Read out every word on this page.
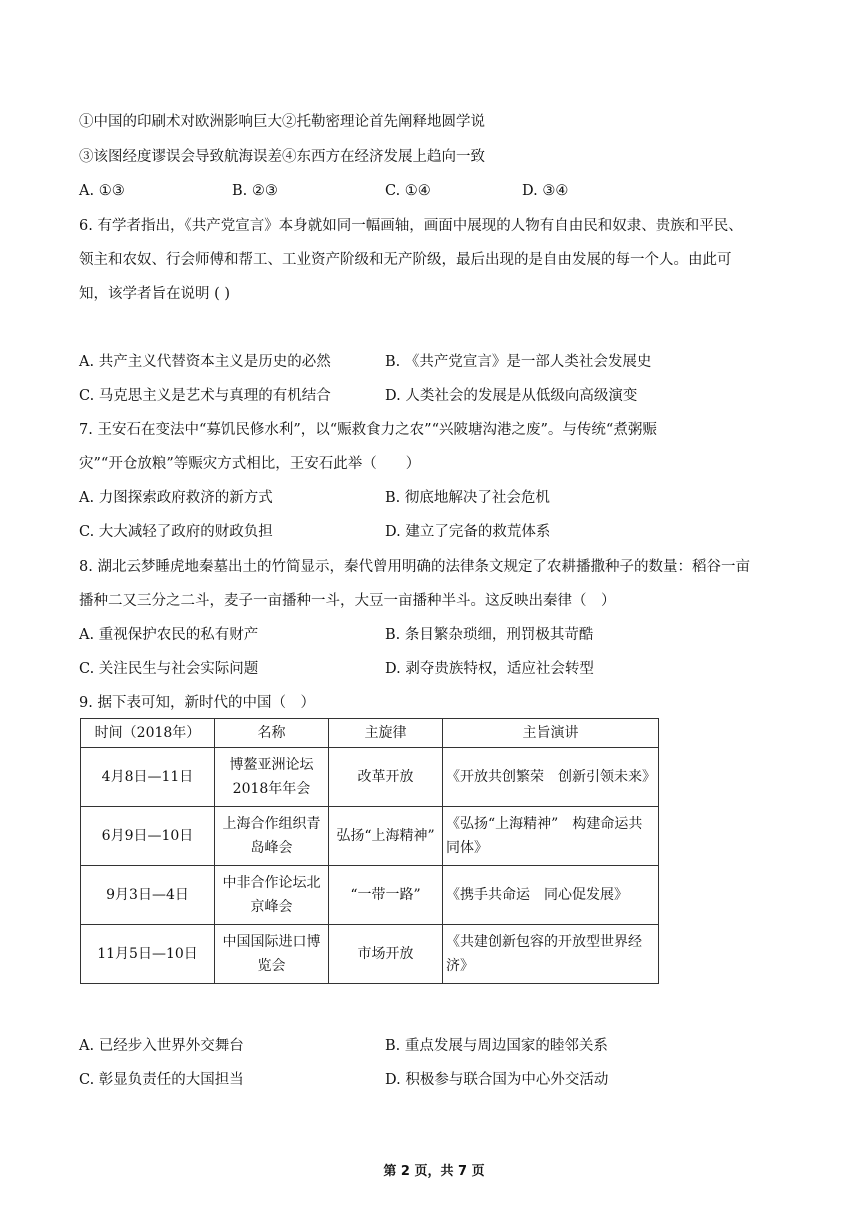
①中国的印刷术对欧洲影响巨大②托勒密理论首先阐释地圆学说
③该图经度谬误会导致航海误差④东西方在经济发展上趋向一致
A. ①③	B. ②③	C. ①④	D. ③④
6. 有学者指出，《共产党宣言》本身就如同一幅画轴，画面中展现的人物有自由民和奴隶、贵族和平民、
领主和农奴、行会师傅和帮工、工业资产阶级和无产阶级，最后出现的是自由发展的每一个人。由此可
知，该学者旨在说明 ( )
A. 共产主义代替资本主义是历史的必然	B. 《共产党宣言》是一部人类社会发展史
C. 马克思主义是艺术与真理的有机结合	D. 人类社会的发展是从低级向高级演变
7. 王安石在变法中“募饥民修水利”，以“赈救食力之农”“兴陂塘沟港之废”。与传统“煮粥赈
灾”“开仓放粮”等赈灾方式相比，王安石此举（　　）
A. 力图探索政府救济的新方式	B. 彻底地解决了社会危机
C. 大大减轻了政府的财政负担	D. 建立了完备的救荒体系
8. 湖北云梦睡虎地秦墓出土的竹简显示，秦代曾用明确的法律条文规定了农耕播撒种子的数量：稻谷一亩
播种二又三分之二斗，麦子一亩播种一斗，大豆一亩播种半斗。这反映出秦律（　）
A. 重视保护农民的私有财产	B. 条目繁杂琐细，刑罚极其苛酷
C. 关注民生与社会实际问题	D. 剥夺贵族特权，适应社会转型
9. 据下表可知，新时代的中国（　）
时间（2018年）	名称	主旋律	主旨演讲
4月8日—11日	博鳌亚洲论坛2018年年会	改革开放	《开放共创繁荣　创新引领未来》
6月9日—10日	上海合作组织青岛峰会	弘扬“上海精神”	《弘扬“上海精神”　构建命运共同体》
9月3日—4日	中非合作论坛北京峰会	“一带一路”	《携手共命运　同心促发展》
11月5日—10日	中国国际进口博览会	市场开放	《共建创新包容的开放型世界经济》
A. 已经步入世界外交舞台	B. 重点发展与周边国家的睦邻关系
C. 彰显负责任的大国担当	D. 积极参与联合国为中心外交活动
第 2 页，共 7 页
